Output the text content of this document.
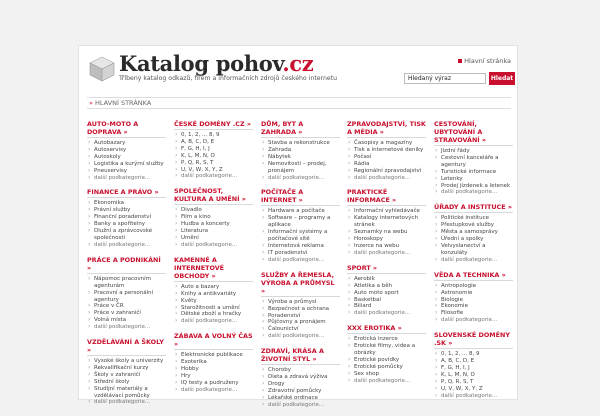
Katalog pohov.cz
Tříbený katalog odkazů, firem a informačních zdrojů českého internetu
Hlavní stránka
Hledaný výraz
Hledat
» HLAVNÍ STRÁNKA
AUTO-MOTO A DOPRAVA »
› Autobazary
› Autoservisy
› Autoskoly
› Logistika a kurýrní služby
› Pneuservisy
› další podkategorie...
FINANCE A PRÁVO »
› Ekonomika
› Právní služby
› Finanční poradenství
› Banky a spořitelny
› Dlužní a zprávcovské společnosti
› další podkategorie...
PRÁCE A PODNIKÁNÍ »
› Nápomoc pracovním agenturám
› Pracovní a personální agentury
› Práce v ČR
› Práce v zahraničí
› Volná místa
› další podkategorie...
VZDĚLÁVÁNÍ A ŠKOLY »
› Vysoké školy a univerzity
› Rekvalifikační kurzy
› Školy v zahraničí
› Střední školy
› Studijní materiály a vzdělávací pomůcky
› další podkategorie...
ČESKÉ DOMÉNY .CZ »
› 0, 1, 2, ... 8, 9
› A, B, C, D, E
› F, G, H, I, J
› K, L, M, N, O
› P, Q, R, S, T
› U, V, W, X, Y, Z
› další podkategorie...
SPOLEČNOST, KULTURA A UMĚNÍ »
› Divadlo
› Film a kino
› Hudba a koncerty
› Literatura
› Umění
› další podkategorie...
KAMENNÉ A INTERNETOVÉ OBCHODY »
› Auto a bazary
› Knihy a antikvariáty
› Květy
› Starožitnosti a umění
› Dětské zboží a hračky
› další podkategorie...
ZÁBAVA A VOLNÝ ČAS »
› Elektronické publikace
› Exoterika
› Hobby
› Hry
› IQ testy a pudruženy
› další podkategorie...
DŮM, BYT A ZAHRADA »
› Stavba a rekonstrukce
› Zahrada
› Nábytek
› Nemovitosti – prodej, pronájem
› další podkategorie...
POČÍTAČE A INTERNET »
› Hardware a počítače
› Software – programy a aplikace
› Informační systémy a počítačové sítě
› Internetová reklama
› IT poradenství
› další podkategorie...
SLUŽBY A ŘEMESLA, VÝROBA A PRŮMYSL »
› Výroba a průmysl
› Bezpečnost a ochrana
› Poradenství
› Půjčovny a pronájem
› Čalounictví
› další podkategorie...
ZDRAVÍ, KRÁSA A ŽIVOTNÍ STYL »
› Choroby
› Dieta a zdravá výživa
› Drogy
› Zdravotní pomůcky
› Lékařské ordinace
› další podkategorie...
ZPRAVODAJSTVÍ, TISK A MÉDIA »
› Časopisy a magazíny
› Tisk a internetové deníky
› Počasí
› Rádia
› Regionální zpravodajství
› další podkategorie...
PRAKTICKÉ INFORMACE »
› Informační vyhledávače
› Katalogy internetových stránek
› Seznamky na webu
› Horoskopy
› Inzerce na webu
› další podkategorie...
SPORT »
› Aerobik
› Atletika a běh
› Auto moto sport
› Basketbal
› Biliard
› další podkategorie...
XXX EROTIKA »
› Erotická inzerce
› Erotické filmy, videa a obrázky
› Erotické povídky
› Erotické pomůcky
› Sex shop
› další podkategorie...
CESTOVÁNÍ, UBYTOVÁNÍ A STRAVOVÁNÍ »
› Jízdní řády
› Cestovní kanceláře a agentury
› Turistické informace
› Letenky
› Prodej jízdenek a letenek
› další podkategorie...
ÚŘADY A INSTITUCE »
› Politické instituce
› Přestupkové služby
› Města a samosprávy
› Úřední a spolky
› Velvyslanectví a konzuláty
› další podkategorie...
VĚDA A TECHNIKA »
› Antropologie
› Astronomie
› Biologie
› Ekonomie
› Filosofie
› další podkategorie...
SLOVENSKÉ DOMÉNY .SK »
› 0, 1, 2, ... 8, 9
› A, B, C, D, E
› F, G, H, I, J
› K, L, M, N, O
› P, Q, R, S, T
› U, V, W, X, Y, Z
› další podkategorie...
